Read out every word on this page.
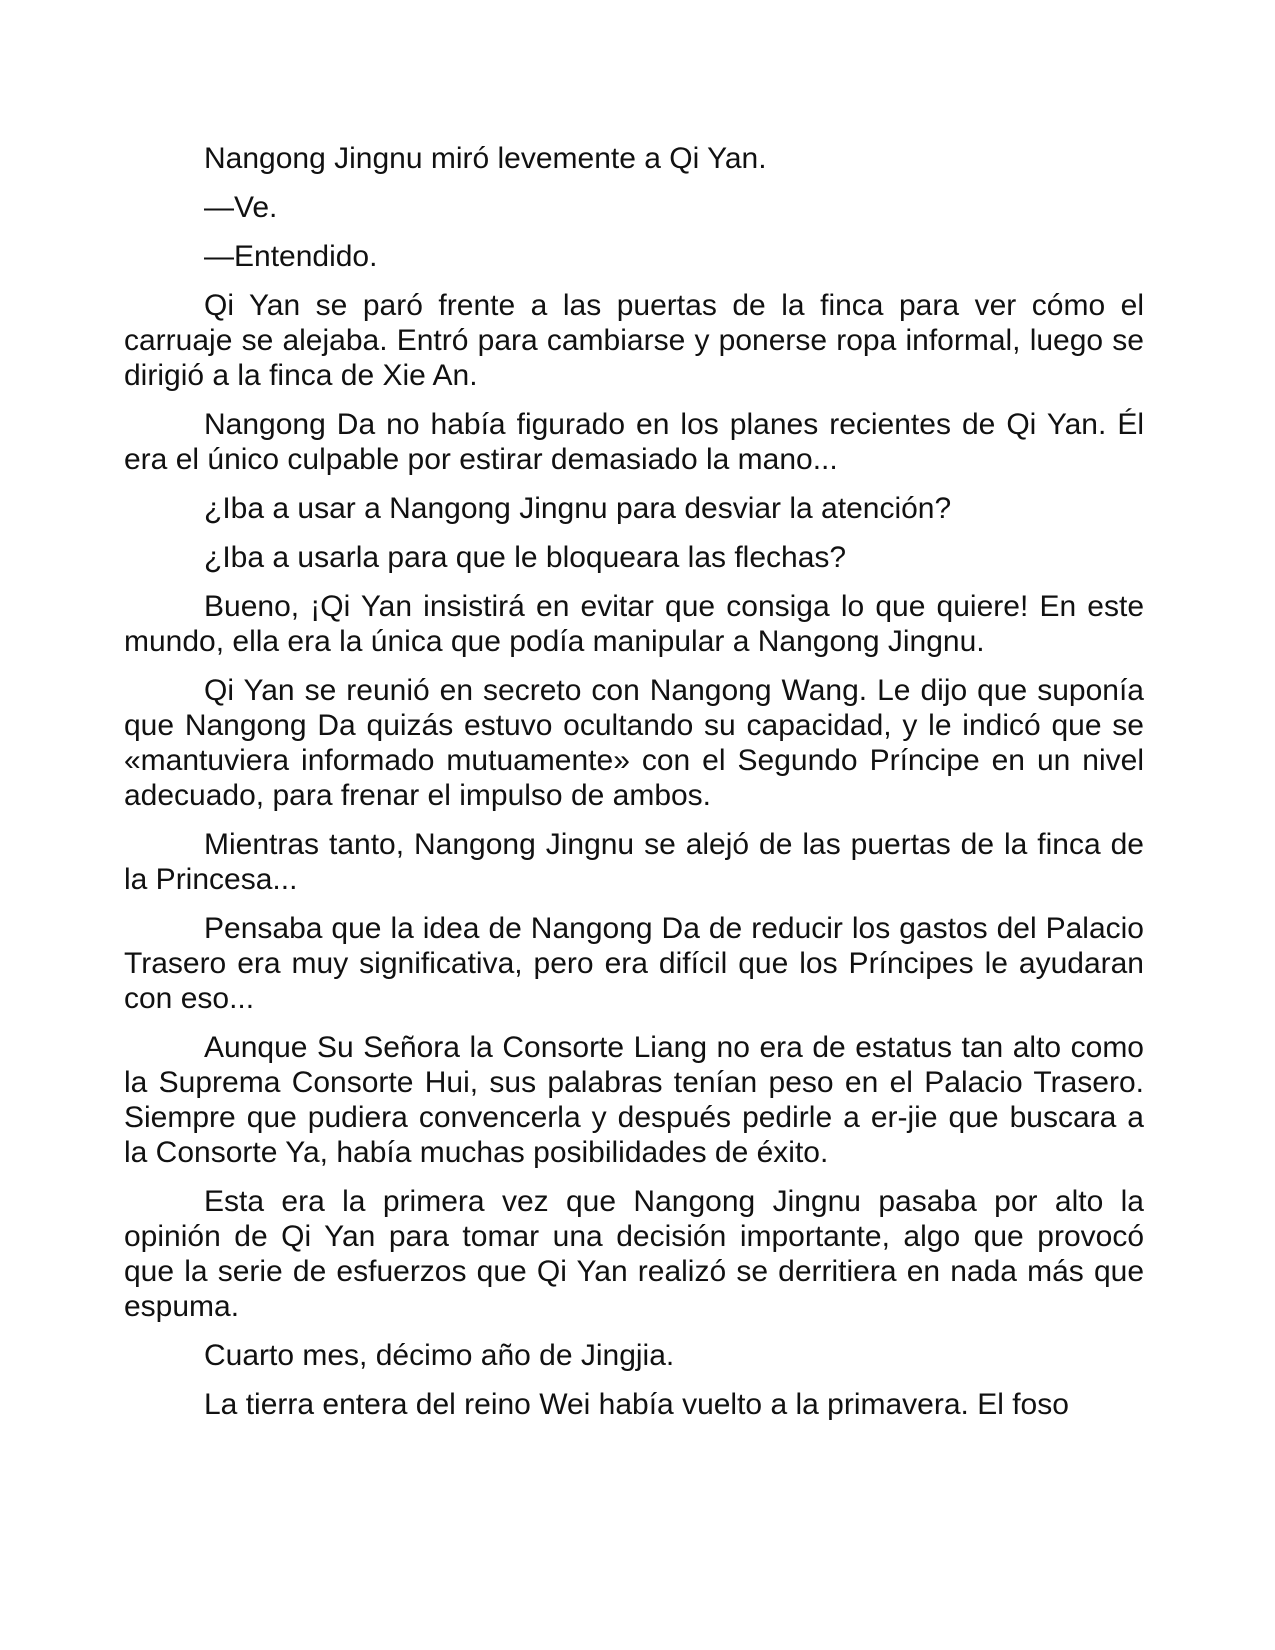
Nangong Jingnu miró levemente a Qi Yan.

—Ve.

—Entendido.

Qi Yan se paró frente a las puertas de la finca para ver cómo el carruaje se alejaba. Entró para cambiarse y ponerse ropa informal, luego se dirigió a la finca de Xie An.

Nangong Da no había figurado en los planes recientes de Qi Yan. Él era el único culpable por estirar demasiado la mano...

¿Iba a usar a Nangong Jingnu para desviar la atención?

¿Iba a usarla para que le bloqueara las flechas?

Bueno, ¡Qi Yan insistirá en evitar que consiga lo que quiere! En este mundo, ella era la única que podía manipular a Nangong Jingnu.

Qi Yan se reunió en secreto con Nangong Wang. Le dijo que suponía que Nangong Da quizás estuvo ocultando su capacidad, y le indicó que se «mantuviera informado mutuamente» con el Segundo Príncipe en un nivel adecuado, para frenar el impulso de ambos.

Mientras tanto, Nangong Jingnu se alejó de las puertas de la finca de la Princesa...

Pensaba que la idea de Nangong Da de reducir los gastos del Palacio Trasero era muy significativa, pero era difícil que los Príncipes le ayudaran con eso...

Aunque Su Señora la Consorte Liang no era de estatus tan alto como la Suprema Consorte Hui, sus palabras tenían peso en el Palacio Trasero. Siempre que pudiera convencerla y después pedirle a er-jie que buscara a la Consorte Ya, había muchas posibilidades de éxito.

Esta era la primera vez que Nangong Jingnu pasaba por alto la opinión de Qi Yan para tomar una decisión importante, algo que provocó que la serie de esfuerzos que Qi Yan realizó se derritiera en nada más que espuma.

Cuarto mes, décimo año de Jingjia.

La tierra entera del reino Wei había vuelto a la primavera. El foso
